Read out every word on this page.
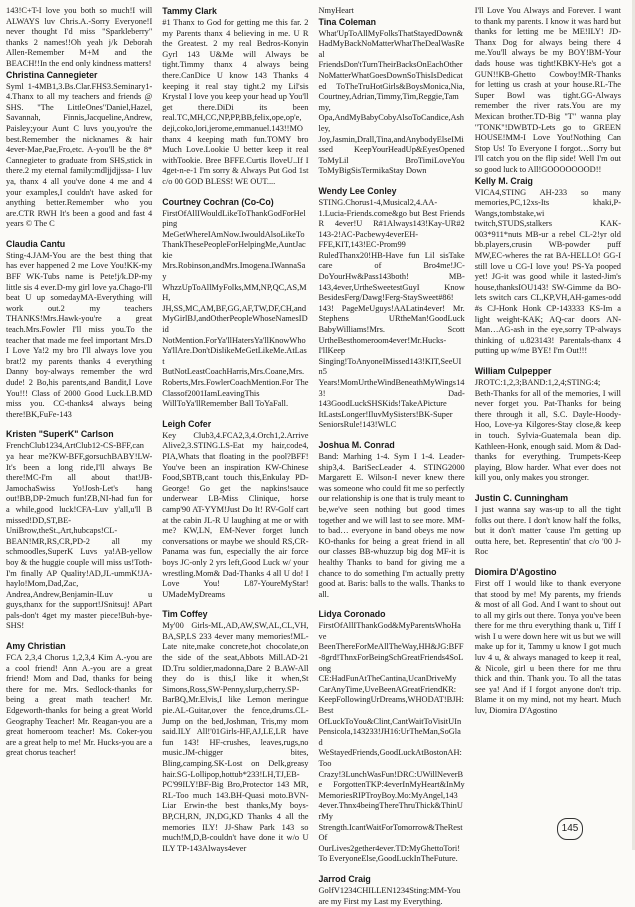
143!C+T-I love you both so much!I will ALWAYS luv Chris.A.-Sorry Everyone!I never thought I'd miss "Sparkleberry" thanks 2 names!!Oh yeah j/k Deborah Allen-Remember M+M and the BEACH!!In the end only kindness matters!

Christina Cannegieter

Syml 1-4MB1,3.Bs.Clar.FHS3.Seminary1-4.Thanx to all my teachers and friends @ SHS. "The LittleOnes"Daniel,Hazel, Savannah, Finnis,Jacqueline,Andrew, Paisley;your Aunt C luvs you,you're the best.Remember the nicknames & hair 4ever-Mae,Pae,Fro,etc. A-you'll be the 8* Cannegieter to graduate from SHS,stick in there.2 my eternal family:mdljjdjjssa- I luv ya, thanx 4 all you've done 4 me and 4 your examples,I couldn't have asked for anything better.Remember who you are.CTR RWH It's been a good and fast 4 years © The C

Claudia Cantu

Sting-4.JAM-You are the best thing that has ever happened 2 me Love You!KK-my BFF WK-Tubs name is Pete!j/k.DP-my little sis 4 ever.D-my girl love ya.Chago-I'll beat U up somedayMA-Everything will work out.2 my teachers THANKS!Mrs.Hawk-you're a great teach.Mrs.Fowler I'll miss you.To the teacher that made me feel important Mrs.D I Love Ya!2 my bro I'll always love you brat!2 my parents thanks 4 everything Danny boy-always remember the wrd dude! 2 Bo,his parents,and Bandit,I Love You!!! Class of 2000 Good Luck.LB.MD miss you. CC-thanks4 always being there!BK,FuFe-143

Kristen "SuperK" Carlson

FrenchClub1234,ArtClub12-CS-BFF,can ya hear me?KW-BFF,gorsuchBABY!LW-It's been a long ride,I'll always Be there!MC-I'm all about that!JB-JamochaSwiss Yo!Josh-Let's hang out!BB,DP-2much fun!ZB,NI-had fun for a while,good luck!CFA-Luv y'all,u'll B missed!DD,ST,BE-UniBrow,theSt.,Art,hubcaps!CL-BEAN!MR,RS,CR,PD-2 all my schmoodles,SuperK Luvs ya!AB-yellow boy & the huggie couple will miss us!Toth-I'm finally AP Quality!AD,JL-ummK!JA-haylo!Mom,Dad,Zac, Andrea,Andrew,Benjamin-ILuv u guys,thanx for the support!JSnitsuj! APart pals-don't 4get my master piece!Buh-bye-SHS!

Amy Christian

FCA 2,3,4 Chorus 1,2,3,4 Kim A.-you are a cool friend! Ann A.-you are a great friend! Mom and Dad, thanks for being there for me. Mrs. Sedlock-thanks for being a great math teacher! Mr. Edgeworth-thanks for being a great World Geography Teacher! Mr. Reagan-you are a great homeroom teacher! Ms. Coker-you are a great help to me! Mr. Hucks-you are a great chorus teacher!

Tammy Clark

#1 Thanx to God for getting me this far. 2 my Parents thanx 4 believing in me. U R the Greatest. 2 my real Bedros-Konyin Gyrl 143 U&Me will Always be tight.Timmy thanx 4 always being there.CanDice U know 143 Thanks 4 keeping it real stay tight.2 my Lil'sis Krystal I love you keep your head up You'll get there.DiDi its been real.TC,MH,CC,NP,PP,BB,felix,ope,op'e, deji,coko,lori,jerome,emmanuel.143!!MO thanx 4 keeping math fun.TOMY bro Much Love.Lookie U better keep it real withTookie. Bree BFFE.Curtis IloveU..If I 4get-n-e-1 I'm sorry & Always Put God 1st c/o 00 GOD BLESS! WE OUT....

Courtney Cochran (Co-Co)

FirstOfAllIWouldLikeToThankGodForHelping MeGetWhereIAmNow.IwouldAlsoLikeTo ThankThesePeopleForHelpingMe,AuntJackie Mrs.Robinson,andMrs.Imogena.IWannaSay WhzzUpToAllMyFolks,MM,NP,QC,AS,MH, JH,SS,MC,AM,BF,GG,AF,TW,DF,CH,and MyGirlBJ,andOtherPeopleWhoseNamesIDid NotMention.ForYa'llHatersYa'llKnowWho Ya'llAre.Don'tDislikeMeGetLikeMe.AtLast ButNotLeastCoachHarris,Mrs.Coane,Mrs. Roberts,Mrs.FowlerCoachMention.For The Classof2001IamLeavingThis WillToYa'llRemember Ball ToYaFall.

Leigh Cofer

Key Club3,4.FCA2,3,4.Orch1,2.Arrive Alive2,3.STING.LS-Eat my hair,code4, PIA,Whats that floating in the pool?BFF! You've been an inspiration KW-Chinese Food,SBTB,cant touch this,Enkulay PD-George! Go get the napkins!sauce underwear LB-Miss Clinique, horse camp'90 AT-YYM!Just Do It! RV-Golf cart at the cabin JL-R U laughing at me or with me? KW,LN, EM-Never forget lunch conversations or maybe we should RS,CR-Panama was fun, especially the air force boys JC-only 2 yrs left,Good Luck w/ your wrestling.Mom& Dad-Thanks 4 all U do! I Love You! L87-YoureMyStar! UMadeMyDreams

Tim Coffey

My'00 Girls-ML,AD,AW,SW,AL,CL,VH, BA,SP,LS 233 4ever many memories!ML-Late nite,make concrete,hot chocolate,on the side of the seat,Abbots Mill.AD-21 ID.Tru soldier,madonna,Dare 2 B.AW-All they do is this,I like it when,St Simons,Ross,SW-Penny,slurp,cherry.SP-BarBQ,Mr.Elvis,I like Lemon meringue pie.AL-Guitar,over the fence,drums.CL-Jump on the bed,Joshman, Tris,my mom said.ILY All!'01Girls-HF,AJ,LE,LR have fun 143! HF-crushes, leaves,rugs,no music.JM-chigger bites, Bling,camping.SK-Lost on Delk,greasy hair.SG-Lollipop,hottub*233!LH,TJ,EB-PC'99ILY!BF-Big Bro,Protector 143 MR, RL-Too much 143.BH-Quasi moto.BVN-Liar Erwin-the best thanks,My boys-BP,CH,RN, JN,DG,KD Thanks 4 all the memories ILY! JJ-Shaw Park 143 so much!M,D,B-couldn't have done it w/o U ILY TP-143Always4ever

NmyHeart

Tina Coleman

What'UpToAllMyFolksThatStayedDown& HadMyBackNoMatterWhatTheDealWasReal FriendsDon'tTurnTheirBacksOnEachOther NoMatterWhatGoesDownSoThisIsDedicated ToTheTruHotGirls&BoysMonica,Nia, Courtney,Adrian,Timmy,Tim,Reggie,Tammy, Opa,AndMyBabyCobyAlsoToCandice,Ashley, Joy,Jasmin,Drall,Tina,andAnybodyElseIMissed KeepYourHeadUp&EyesOpened ToMyLil BroTimiLoveYou ToMyBigSisTermikaStay Down

Wendy Lee Conley

STING.Chorus1-4,Musical2,4.AA-1.Lucia-Friends.come&go but Best Friends R 4ever!U R#1Always143!Kay-UR#2 143-2!AC-Pacbewy4everEH-FFE,KIT,143!EC-Prom99 RuledThanx20!HB-Have fun Lil sisTake care of Bro4me!JC-DoYourHw&Pass143both! MB-143,4ever,UrtheSweetestGuyI Know BesidesFerg/Dawg!Ferg-StaySweet#86! 143! PageMeUguys!AALatin4ever! Mr. Stephens URtheMan!GoodLuck BabyWilliams!Mrs. Scott UrtheBesthomeroom4ever!Mr.Hucks-I'llKeep Singing!ToAnyoneIMissed143!KIT,SeeUIn5 Years!MomUrtheWindBeneathMyWings143! Dad-143GoodLuckSHSKids!TakeAPicture ItLastsLonger!IluvMySisters!BK-Super SeniorsRule!143!WLC

Joshua M. Conrad

Band: Marhing 1-4. Sym I 1-4. Leader-ship3,4. BariSecLeader 4. STING2000 Margarett E. Wilson-I never knew there was someone who could fit me so perfectly our relationship is one that is truly meant to be,we've seen nothing but good times together and we will last to see more. MM-to bad… everyone in band obeys me now KO-thanks for being a great friend in all our classes BB-whuzzup big dog MF-it is healthy Thanks to band for giving me a chance to do something I'm actually pretty good at. Baris: balls to the walls. Thanks to all.

Lidya Coronado

FirstOfAllIThankGod&MyParentsWhoHave BeenThereForMeAllTheWay,HH&JG:BFF-8grd!ThnxForBeingSchGreatFriends4SoLong CE:HadFunAtTheCantina,UcanDriveMy CarAnyTime,UveBeenAGreatFriendKR: KeepFollowingUrDreams,WHODAT!BJH:Best OfLuckToYou&Clint,CantWaitToVisitUIn Pensicola,143233!JH16:UrTheMan,SoGlad WeStayedFriends,GoodLuckAtBostonAH:Too Crazy!3LunchWasFun!DRC:UWillNeverBe ForgottenTKP:4everInMyHeart&InMy MemoriesRIPTroyBoy.Mo:MyAngel,143 4ever.Thnx4beingThereThruThick&ThinUrMy Strength.IcantWaitForTomorrow&TheRestOf OurLives2gether4ever.TD:MyGhettoTori!To EveryoneElse,GoodLuckInTheFuture.

Jarrod Craig

GolfV1234CHILLEN1234Sting:MM-You are my First my Last my Everything.

I'll Love You Always and Forever. I want to thank my parents. I know it was hard but thanks for letting me be ME!ILY! JD-Thanx Dog for always being there 4 me.You'll always be my BOY!BM-Your dads house was tight!KBKY-He's got a GUN!!KB-Ghetto Cowboy!MR-Thanks for letting us crash at your house.RL-The Super Bowl was tight.GG-Always remember the river rats.You are my Mexican brother.TD-Big "T" wanna play "TONK"!DWBTD-Lets go to GREEN HOUSE!MM-I Love You!Nothing Can Stop Us! To Everyone I forgot…Sorry but I'll catch you on the flip side! Well I'm out so good luck to All!GOOOOOOOD!!

Kelly M. Craig

VICA4,STING AH-233 so many memories,PC,12xs-Its khaki,P-Wangs,tombstake,wi twitch,STUDS,stalkers KAK-003*911*nuts MB-ur a rebel CL-2!yr old bb.players,crusin WB-powder puff MW,EC-wheres the rat BA-HELLO! GG-I still love u CG-I love you! PS-Ya pooped yet! JG-it was good while it lasted-Jim's house,thanksIOU143! SW-Gimme da BO-lets switch cars CL,KP,VH,AH-games-odd #s CJ-Honk Honk CP-143333 KS-Im a light weight-KAK; AQ-car doors AN-Man…AG-ash in the eye,sorry TP-always thinking of u.823143! Parentals-thanx 4 putting up w/me BYE! I'm Out!!!

William Culpepper

JROTC:1,2,3;BAND:1,2,4;STING:4; Beth-Thanks for all of the memories, I will never forget you. Pat-Thanks for being there through it all, S.C. Dayle-Hoody-Hoo, Love-ya Kilgores-Stay close,& keep in touch. Sylvia-Guatemala bean dip. Kathleen-Honk, enough said. Mom & Dad-thanks for everything. Trumpets-Keep playing, Blow harder. What ever does not kill you, only makes you stronger.

Justin C. Cunningham

I just wanna say was-up to all the tight folks out there. I don't know half the folks, but it don't matter 'cause I'm getting up outta here, bet. Representin' that c/o '00 J-Roc

Diomira D'Agostino

First off I would like to thank everyone that stood by me! My parents, my friends & most of all God. And I want to shout out to all my girls out there. Tonya you've been there for me thru everything thank u, Tiff I wish I u were down here wit us but we will make up for it, Tammy u know I got much luv 4 u, & always managed to keep it real, & Nicole, girl u been there for me thru thick and thin. Thank you. To all the tatas see ya! And if I forgot anyone don't trip. Blame it on my mind, not my heart. Much luv, Diomira D'Agostino

145
